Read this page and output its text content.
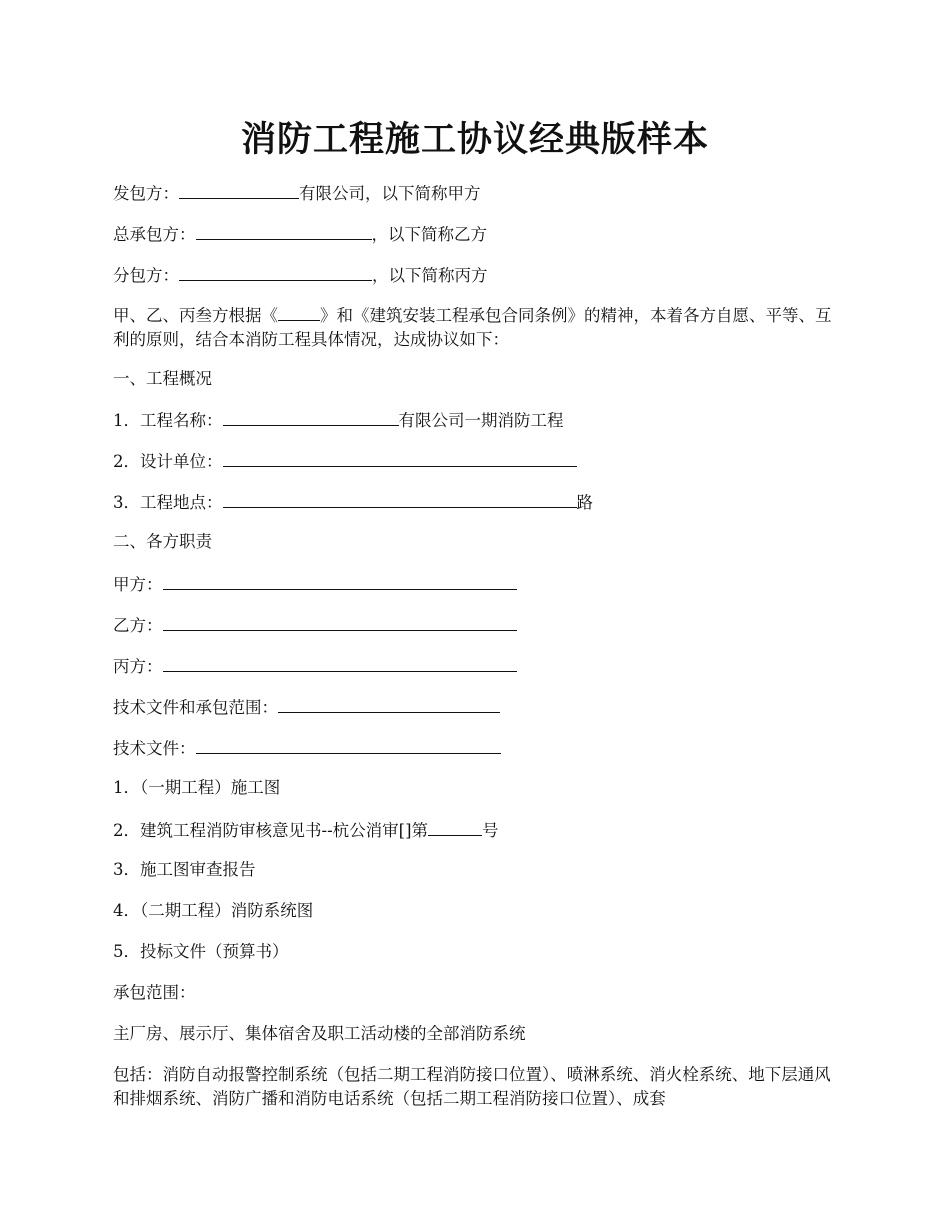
消防工程施工协议经典版样本
发包方：	有限公司，以下简称甲方
总承包方：	，以下简称乙方
分包方：	，以下简称丙方
甲、乙、丙叁方根据《	》和《建筑安装工程承包合同条例》的精神，本着各方自愿、平等、互利的原则，结合本消防工程具体情况，达成协议如下：
一、工程概况
1．工程名称：	有限公司一期消防工程
2．设计单位：
3．工程地点：	路
二、各方职责
甲方：
乙方：
丙方：
技术文件和承包范围：
技术文件：
1．（一期工程）施工图
2．建筑工程消防审核意见书--杭公消审[]第	号
3．施工图审查报告
4．（二期工程）消防系统图
5．投标文件（预算书）
承包范围：
主厂房、展示厅、集体宿舍及职工活动楼的全部消防系统
包括：消防自动报警控制系统（包括二期工程消防接口位置）、喷淋系统、消火栓系统、地下层通风和排烟系统、消防广播和消防电话系统（包括二期工程消防接口位置）、成套
